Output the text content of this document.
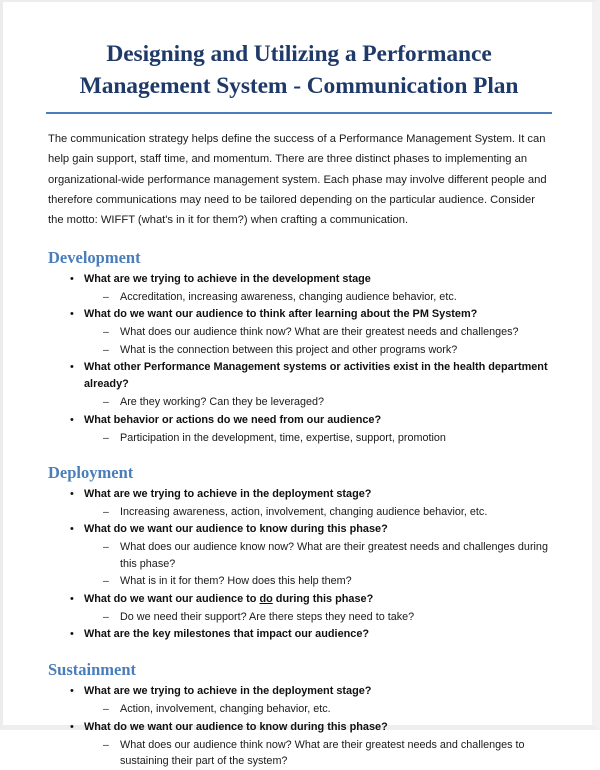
Designing and Utilizing a Performance
Management System - Communication Plan

The communication strategy helps define the success of a Performance Management System. It can help gain support, staff time, and momentum. There are three distinct phases to implementing an organizational-wide performance management system. Each phase may involve different people and therefore communications may need to be tailored depending on the particular audience. Consider the motto: WIFFT (what's in it for them?) when crafting a communication.

Development
• What are we trying to achieve in the development stage
– Accreditation, increasing awareness, changing audience behavior, etc.
• What do we want our audience to think after learning about the PM System?
– What does our audience think now? What are their greatest needs and challenges?
– What is the connection between this project and other programs work?
• What other Performance Management systems or activities exist in the health department already?
– Are they working? Can they be leveraged?
• What behavior or actions do we need from our audience?
– Participation in the development, time, expertise, support, promotion
Deployment
• What are we trying to achieve in the deployment stage?
– Increasing awareness, action, involvement, changing audience behavior, etc.
• What do we want our audience to know during this phase?
– What does our audience know now? What are their greatest needs and challenges during this phase?
– What is in it for them? How does this help them?
• What do we want our audience to do during this phase?
– Do we need their support? Are there steps they need to take?
• What are the key milestones that impact our audience?
Sustainment
• What are we trying to achieve in the deployment stage?
– Action, involvement, changing behavior, etc.
• What do we want our audience to know during this phase?
– What does our audience think now? What are their greatest needs and challenges to sustaining their part of the system?
